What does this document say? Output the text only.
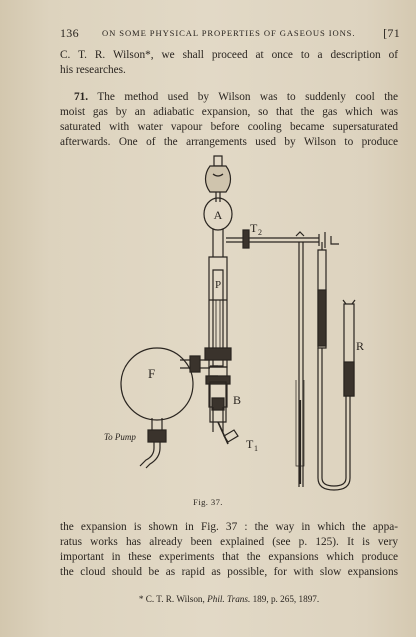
136	ON SOME PHYSICAL PROPERTIES OF GASEOUS IONS. [71
C. T. R. Wilson*, we shall proceed at once to a description of
his researches.
71. The method used by Wilson was to suddenly cool the
moist gas by an adiabatic expansion, so that the gas which was
saturated with water vapour before cooling became supersaturated
afterwards. One of the arrangements used by Wilson to produce
A
T 2
P
F
B
R
T 1
To Pump
Fig. 37.
the expansion is shown in Fig. 37 : the way in which the appa-
ratus works has already been explained (see p. 125). It is very
important in these experiments that the expansions which produce
the cloud should be as rapid as possible, for with slow expansions
* C. T. R. Wilson, Phil. Trans. 189, p. 265, 1897.
